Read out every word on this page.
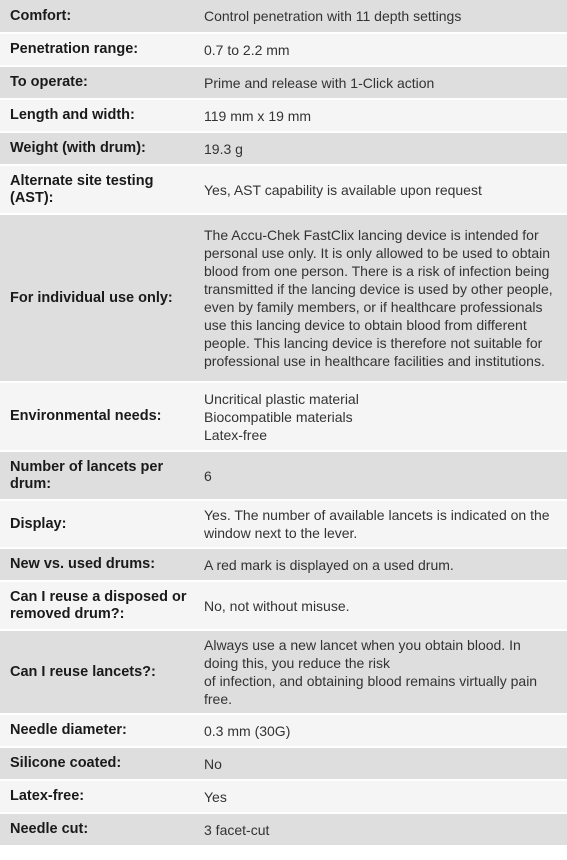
Comfort:	Control penetration with 11 depth settings
Penetration range:	0.7 to 2.2 mm
To operate:	Prime and release with 1-Click action
Length and width:	119 mm x 19 mm
Weight (with drum):	19.3 g
Alternate site testing (AST):	Yes, AST capability is available upon request
For individual use only:	The Accu-Chek FastClix lancing device is intended for personal use only. It is only allowed to be used to obtain blood from one person. There is a risk of infection being transmitted if the lancing device is used by other people, even by family members, or if healthcare professionals use this lancing device to obtain blood from different people. This lancing device is therefore not suitable for professional use in healthcare facilities and institutions.
Environmental needs:	Uncritical plastic material
Biocompatible materials
Latex-free

Number of lancets per drum:	6
Display:	Yes. The number of available lancets is indicated on the window next to the lever.
New vs. used drums:	A red mark is displayed on a used drum.
Can I reuse a disposed or removed drum?:	No, not without misuse.
Can I reuse lancets?:	Always use a new lancet when you obtain blood. In doing this, you reduce the risk
of infection, and obtaining blood remains virtually pain free.

Needle diameter:	0.3 mm (30G)
Silicone coated:	No
Latex-free:	Yes
Needle cut:	3 facet-cut
